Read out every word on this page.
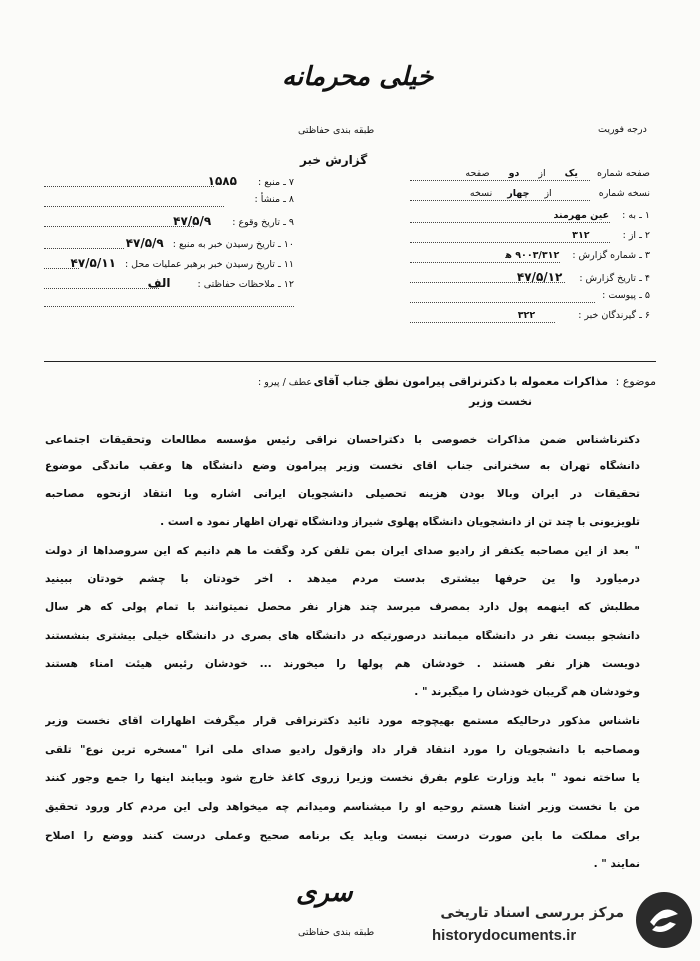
خیلی محرمانه
طبقه بندی حفاظتی
گزارش خبر
درجه فوریت
صفحه شماره یک از دو صفحه
نسخه شماره از چهار نسخه
۱ ـ به : عین مهرمند
۲ ـ از : ۳۱۲
۳ ـ شماره گزارش : ۹۰۰۳/۳۱۲ ه‍
۴ ـ تاریخ گزارش : ۴۷/۵/۱۲
۵ ـ پیوست :
۶ ـ گیرندگان خبر : ۳۲۲
۷ ـ منبع : ۱۵۸۵
۸ ـ منشأ :
۹ ـ تاریخ وقوع : ۴۷/۵/۹
۱۰ ـ تاریخ رسیدن خبر به منبع : ۴۷/۵/۹
۱۱ ـ تاریخ رسیدن خبر برهبر عملیات محل : ۴۷/۵/۱۱
۱۲ ـ ملاحظات حفاظتی : الف
موضوع : مذاکرات معموله با دکترنراقی پیرامون نطق جناب آقای
نخست وزیر
عطف / پیرو :
دکترناشناس ضمن مذاکرات خصوصی با دکتراحسان نراقی رئیس مؤسسه مطالعات وتحقیقات اجتماعی
دانشگاه تهران به سخنرانی جناب آقای نخست وزیر پیرامون وضع دانشگاه ها وعقب ماندگی موضوع
تحقیقات در ایران وبالا بودن هزینه تحصیلی دانشجویان ایرانی اشاره وبا انتقاد ازنحوه مصاحبه
تلویزیونی با چند تن از دانشجویان دانشگاه پهلوی شیراز ودانشگاه تهران اظهار نمود ه است .
" بعد از این مصاحبه یکنفر از رادیو صدای ایران بمن تلفن کرد وگفت ما هم دانیم که این سروصداها از دولت
درمیآورد وا ین حرفها بیشتری بدست مردم میدهد . آخر خودتان با چشم خودتان ببینید
مطلبش که اینهمه پول دارد بمصرف میرسد چند هزار نفر محصل نمیتوانند با تمام پولی که هر سال
دانشجو بیست نفر در دانشگاه میمانند درصورتیکه در دانشگاه های بصری در دانشگاه خیلی بیشتری بنشستند
دویست هزار نفر هستند . خودشان هم پولها را میخورند ... خودشان رئیس هیئت امناء هستند
وخودشان هم گریبان خودشان را میگیرند " .
ناشناس مذکور درحالیکه مستمع بهیچوجه مورد تائید دکترنراقی قرار میگرفت اظهارات آقای نخست وزیر
ومصاحبه با دانشجویان را مورد انتقاد قرار داد وازقول رادیو صدای ملی آنرا "مسخره ترین نوع" تلقی
یا ساخته نمود " باید وزارت علوم بفرق نخست وزیرا زروی کاغذ خارج شود وبیایند اینها را جمع وجور کنند
من با نخست وزیر آشنا هستم روحیه او را میشناسم ومیدانم چه میخواهد ولی این مردم کار ورود تحقیق
برای مملکت ما باین صورت درست نیست وباید یک برنامه صحیح وعملی درست کنند ووضع را اصلاح
نمایند " .
سری
طبقه بندی حفاظتی
مرکز بررسی اسناد تاریخی
historydocuments.ir
